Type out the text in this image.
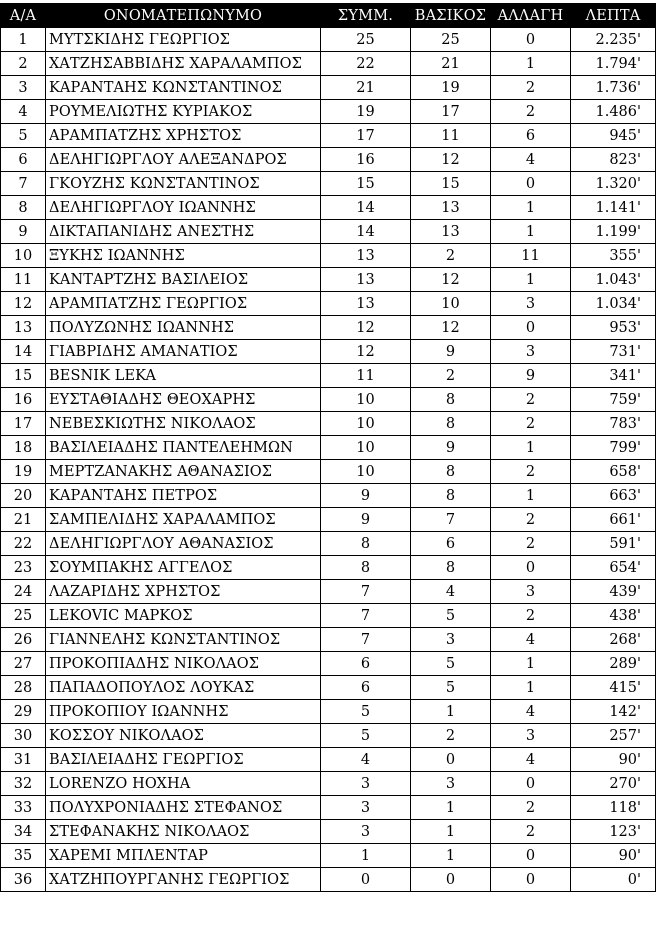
Α/Α	ΟΝΟΜΑΤΕΠΩΝΥΜΟ	ΣΥΜΜ.	ΒΑΣΙΚΟΣ	ΑΛΛΑΓΗ	ΛΕΠΤΑ
1	ΜΥΤΣΚΙΔΗΣ ΓΕΩΡΓΙΟΣ	25	25	0	2.235'
2	ΧΑΤΖΗΣΑΒΒΙΔΗΣ ΧΑΡΑΛΑΜΠΟΣ	22	21	1	1.794'
3	ΚΑΡΑΝΤΑΗΣ ΚΩΝΣΤΑΝΤΙΝΟΣ	21	19	2	1.736'
4	ΡΟΥΜΕΛΙΩΤΗΣ ΚΥΡΙΑΚΟΣ	19	17	2	1.486'
5	ΑΡΑΜΠΑΤΖΗΣ ΧΡΗΣΤΟΣ	17	11	6	945'
6	ΔΕΛΗΓΙΩΡΓΛΟΥ ΑΛΕΞΑΝΔΡΟΣ	16	12	4	823'
7	ΓΚΟΥΖΗΣ ΚΩΝΣΤΑΝΤΙΝΟΣ	15	15	0	1.320'
8	ΔΕΛΗΓΙΩΡΓΛΟΥ ΙΩΑΝΝΗΣ	14	13	1	1.141'
9	ΔΙΚΤΑΠΑΝΙΔΗΣ ΑΝΕΣΤΗΣ	14	13	1	1.199'
10	ΞΥΚΗΣ ΙΩΑΝΝΗΣ	13	2	11	355'
11	ΚΑΝΤΑΡΤΖΗΣ ΒΑΣΙΛΕΙΟΣ	13	12	1	1.043'
12	ΑΡΑΜΠΑΤΖΗΣ ΓΕΩΡΓΙΟΣ	13	10	3	1.034'
13	ΠΟΛΥΖΩΝΗΣ ΙΩΑΝΝΗΣ	12	12	0	953'
14	ΓΙΑΒΡΙΔΗΣ ΑΜΑΝΑΤΙΟΣ	12	9	3	731'
15	BESNIK LEKA	11	2	9	341'
16	ΕΥΣΤΑΘΙΑΔΗΣ ΘΕΟΧΑΡΗΣ	10	8	2	759'
17	ΝΕΒΕΣΚΙΩΤΗΣ ΝΙΚΟΛΑΟΣ	10	8	2	783'
18	ΒΑΣΙΛΕΙΑΔΗΣ ΠΑΝΤΕΛΕΗΜΩΝ	10	9	1	799'
19	ΜΕΡΤΖΑΝΑΚΗΣ ΑΘΑΝΑΣΙΟΣ	10	8	2	658'
20	ΚΑΡΑΝΤΑΗΣ ΠΕΤΡΟΣ	9	8	1	663'
21	ΣΑΜΠΕΛΙΔΗΣ ΧΑΡΑΛΑΜΠΟΣ	9	7	2	661'
22	ΔΕΛΗΓΙΩΡΓΛΟΥ ΑΘΑΝΑΣΙΟΣ	8	6	2	591'
23	ΣΟΥΜΠΑΚΗΣ ΑΓΓΕΛΟΣ	8	8	0	654'
24	ΛΑΖΑΡΙΔΗΣ ΧΡΗΣΤΟΣ	7	4	3	439'
25	LEKOVIC ΜΑΡΚΟΣ	7	5	2	438'
26	ΓΙΑΝΝΕΛΗΣ ΚΩΝΣΤΑΝΤΙΝΟΣ	7	3	4	268'
27	ΠΡΟΚΟΠΙΑΔΗΣ ΝΙΚΟΛΑΟΣ	6	5	1	289'
28	ΠΑΠΑΔΟΠΟΥΛΟΣ ΛΟΥΚΑΣ	6	5	1	415'
29	ΠΡΟΚΟΠΙΟΥ ΙΩΑΝΝΗΣ	5	1	4	142'
30	ΚΟΣΣΟΥ ΝΙΚΟΛΑΟΣ	5	2	3	257'
31	ΒΑΣΙΛΕΙΑΔΗΣ ΓΕΩΡΓΙΟΣ	4	0	4	90'
32	LORENZO HOXHA	3	3	0	270'
33	ΠΟΛΥΧΡΟΝΙΑΔΗΣ ΣΤΕΦΑΝΟΣ	3	1	2	118'
34	ΣΤΕΦΑΝΑΚΗΣ ΝΙΚΟΛΑΟΣ	3	1	2	123'
35	ΧΑΡΕΜΙ ΜΠΛΕΝΤΑΡ	1	1	0	90'
36	ΧΑΤΖΗΠΟΥΡΓΑΝΗΣ ΓΕΩΡΓΙΟΣ	0	0	0	0'
